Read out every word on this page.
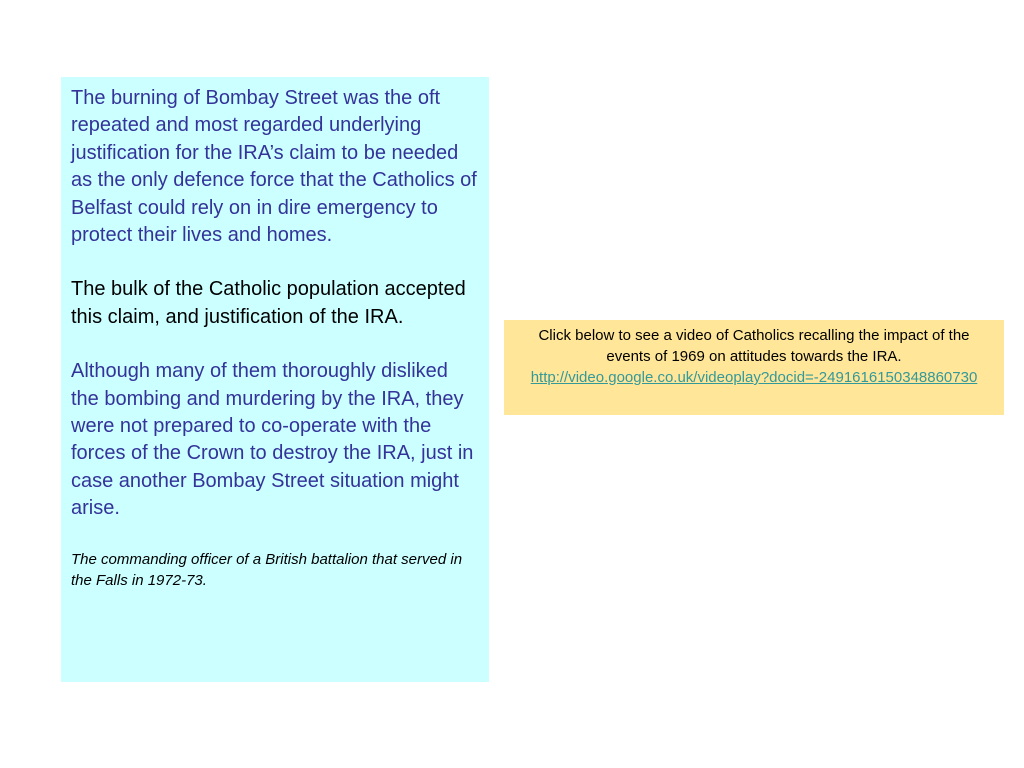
The burning of Bombay Street was the oft repeated and most regarded underlying justification for the IRA’s claim to be needed as the only defence force that the Catholics of Belfast could rely on in dire emergency to protect their lives and homes.

The bulk of the Catholic population accepted this claim, and justification of the IRA.

Although many of them thoroughly disliked the bombing and murdering by the IRA, they were not prepared to co-operate with the forces of the Crown to destroy the IRA, just in case another Bombay Street situation might arise.

The commanding officer of a British battalion that served in the Falls in 1972-73.

Click below to see a video of Catholics recalling the impact of the events of 1969 on attitudes towards the IRA.
http://video.google.co.uk/videoplay?docid=-2491616150348860730
